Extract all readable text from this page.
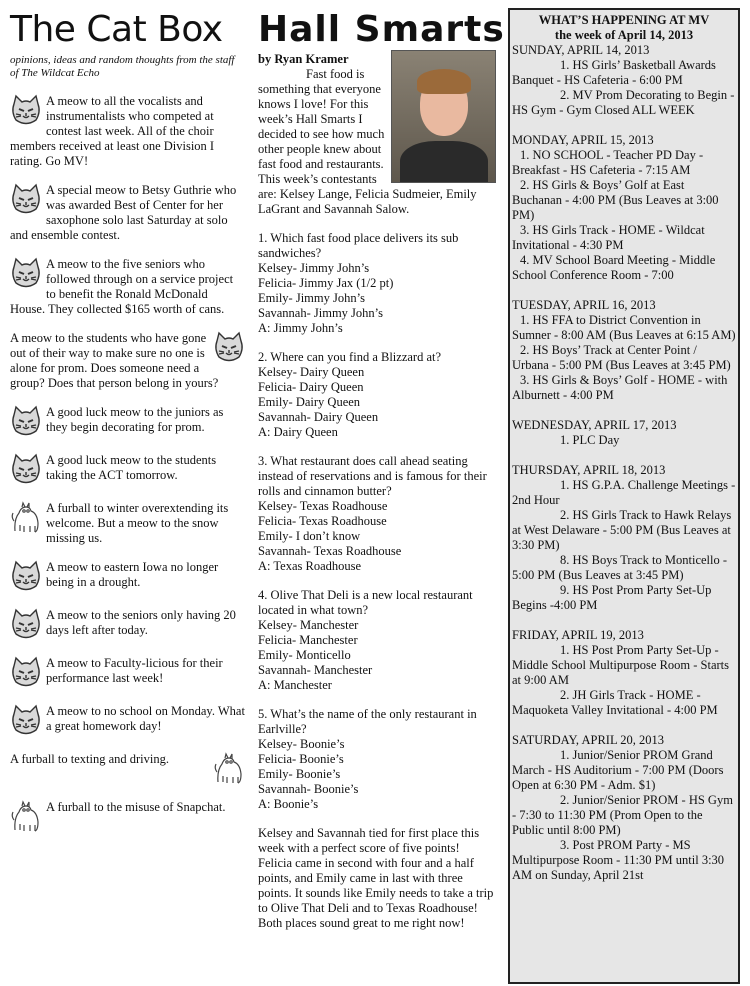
The Cat Box
opinions, ideas and random thoughts from the staff of The Wildcat Echo

A meow to all the vocalists and instrumentalists who competed at contest last week. All of the choir members received at least one Division I rating. Go MV!

A special meow to Betsy Guthrie who was awarded Best of Center for her saxophone solo last Saturday at solo and ensemble contest.

A meow to the five seniors who followed through on a service project to benefit the Ronald McDonald House. They collected $165 worth of cans.

A meow to the students who have gone out of their way to make sure no one is alone for prom. Does someone need a group? Does that person belong in yours?

A good luck meow to the juniors as they begin decorating for prom.

A good luck meow to the students taking the ACT tomorrow.

A furball to winter overextending its welcome. But a meow to the snow missing us.

A meow to eastern Iowa no longer being in a drought.

A meow to the seniors only having 20 days left after today.

A meow to Faculty-licious for their performance last week!

A meow to no school on Monday. What a great homework day!

A furball to texting and driving.

A furball to the misuse of Snapchat.

Hall Smarts
by Ryan Kramer

Fast food is something that everyone knows I love! For this week’s Hall Smarts I decided to see how much other people knew about fast food and restaurants. This week’s contestants are: Kelsey Lange, Felicia Sudmeier, Emily LaGrant and Savannah Salow.

1. Which fast food place delivers its sub sandwiches?

Kelsey- Jimmy John’s

Felicia- Jimmy Jax (1/2 pt)

Emily- Jimmy John’s

Savannah- Jimmy John’s

A: Jimmy John’s

2. Where can you find a Blizzard at?

Kelsey- Dairy Queen

Felicia- Dairy Queen

Emily- Dairy Queen

Savannah- Dairy Queen

A: Dairy Queen

3. What restaurant does call ahead seating instead of reservations and is famous for their rolls and cinnamon butter?

Kelsey- Texas Roadhouse

Felicia- Texas Roadhouse

Emily- I don’t know

Savannah- Texas Roadhouse

A: Texas Roadhouse

4. Olive That Deli is a new local restaurant located in what town?

Kelsey- Manchester

Felicia- Manchester

Emily- Monticello

Savannah- Manchester

A: Manchester

5. What’s the name of the only restaurant in Earlville?

Kelsey- Boonie’s

Felicia- Boonie’s

Emily- Boonie’s

Savannah- Boonie’s

A: Boonie’s

Kelsey and Savannah tied for first place this week with a perfect score of five points! Felicia came in second with four and a half points, and Emily came in last with three points. It sounds like Emily needs to take a trip to Olive That Deli and to Texas Roadhouse! Both places sound great to me right now!

WHAT’S HAPPENING AT MV
the week of April 14, 2013

SUNDAY, APRIL 14, 2013

1. HS Girls’ Basketball Awards Banquet - HS Cafeteria - 6:00 PM

2. MV Prom Decorating to Begin - HS Gym - Gym Closed ALL WEEK

MONDAY, APRIL 15, 2013

1. NO SCHOOL - Teacher PD Day - Breakfast - HS Cafeteria - 7:15 AM

2. HS Girls & Boys’ Golf at East Buchanan - 4:00 PM (Bus Leaves at 3:00 PM)

3. HS Girls Track - HOME - Wildcat Invitational - 4:30 PM

4. MV School Board Meeting - Middle School Conference Room - 7:00

TUESDAY, APRIL 16, 2013

1. HS FFA to District Convention in Sumner - 8:00 AM (Bus Leaves at 6:15 AM)

2. HS Boys’ Track at Center Point / Urbana - 5:00 PM (Bus Leaves at 3:45 PM)

3. HS Girls & Boys’ Golf - HOME - with Alburnett - 4:00 PM

WEDNESDAY, APRIL 17, 2013

1. PLC Day

THURSDAY, APRIL 18, 2013

1. HS G.P.A. Challenge Meetings - 2nd Hour

2. HS Girls Track to Hawk Relays at West Delaware - 5:00 PM (Bus Leaves at 3:30 PM)

8. HS Boys Track to Monticello - 5:00 PM (Bus Leaves at 3:45 PM)

9. HS Post Prom Party Set-Up Begins -4:00 PM

FRIDAY, APRIL 19, 2013

1. HS Post Prom Party Set-Up - Middle School Multipurpose Room - Starts at 9:00 AM

2. JH Girls Track - HOME - Maquoketa Valley Invitational - 4:00 PM

SATURDAY, APRIL 20, 2013

1. Junior/Senior PROM Grand March - HS Auditorium - 7:00 PM (Doors Open at 6:30 PM - Adm. $1)

2. Junior/Senior PROM - HS Gym - 7:30 to 11:30 PM (Prom Open to the Public until 8:00 PM)

3. Post PROM Party - MS Multipurpose Room - 11:30 PM until 3:30 AM on Sunday, April 21st
